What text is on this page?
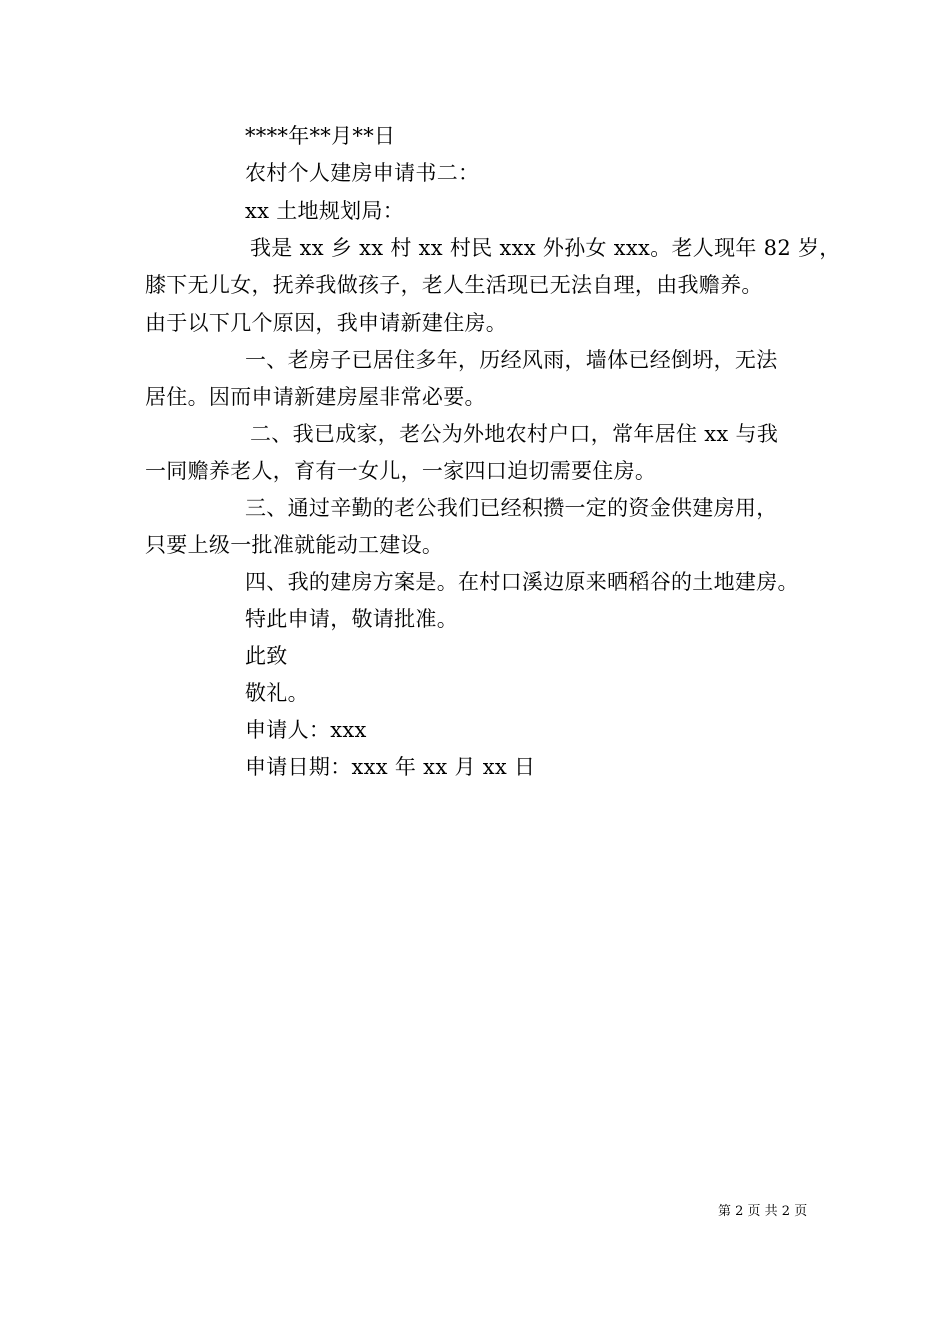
****年**月**日
农村个人建房申请书二：
xx 土地规划局：
我是 xx 乡 xx 村 xx 村民 xxx 外孙女 xxx。老人现年 82 岁，
膝下无儿女，抚养我做孩子，老人生活现已无法自理，由我赡养。
由于以下几个原因，我申请新建住房。
一、老房子已居住多年，历经风雨，墙体已经倒坍，无法
居住。因而申请新建房屋非常必要。
二、我已成家，老公为外地农村户口，常年居住 xx 与我
一同赡养老人，育有一女儿，一家四口迫切需要住房。
三、通过辛勤的老公我们已经积攒一定的资金供建房用，
只要上级一批准就能动工建设。
四、我的建房方案是。在村口溪边原来晒稻谷的土地建房。
特此申请，敬请批准。
此致
敬礼。
申请人：xxx
申请日期：xxx 年 xx 月 xx 日
第 2 页 共 2 页
